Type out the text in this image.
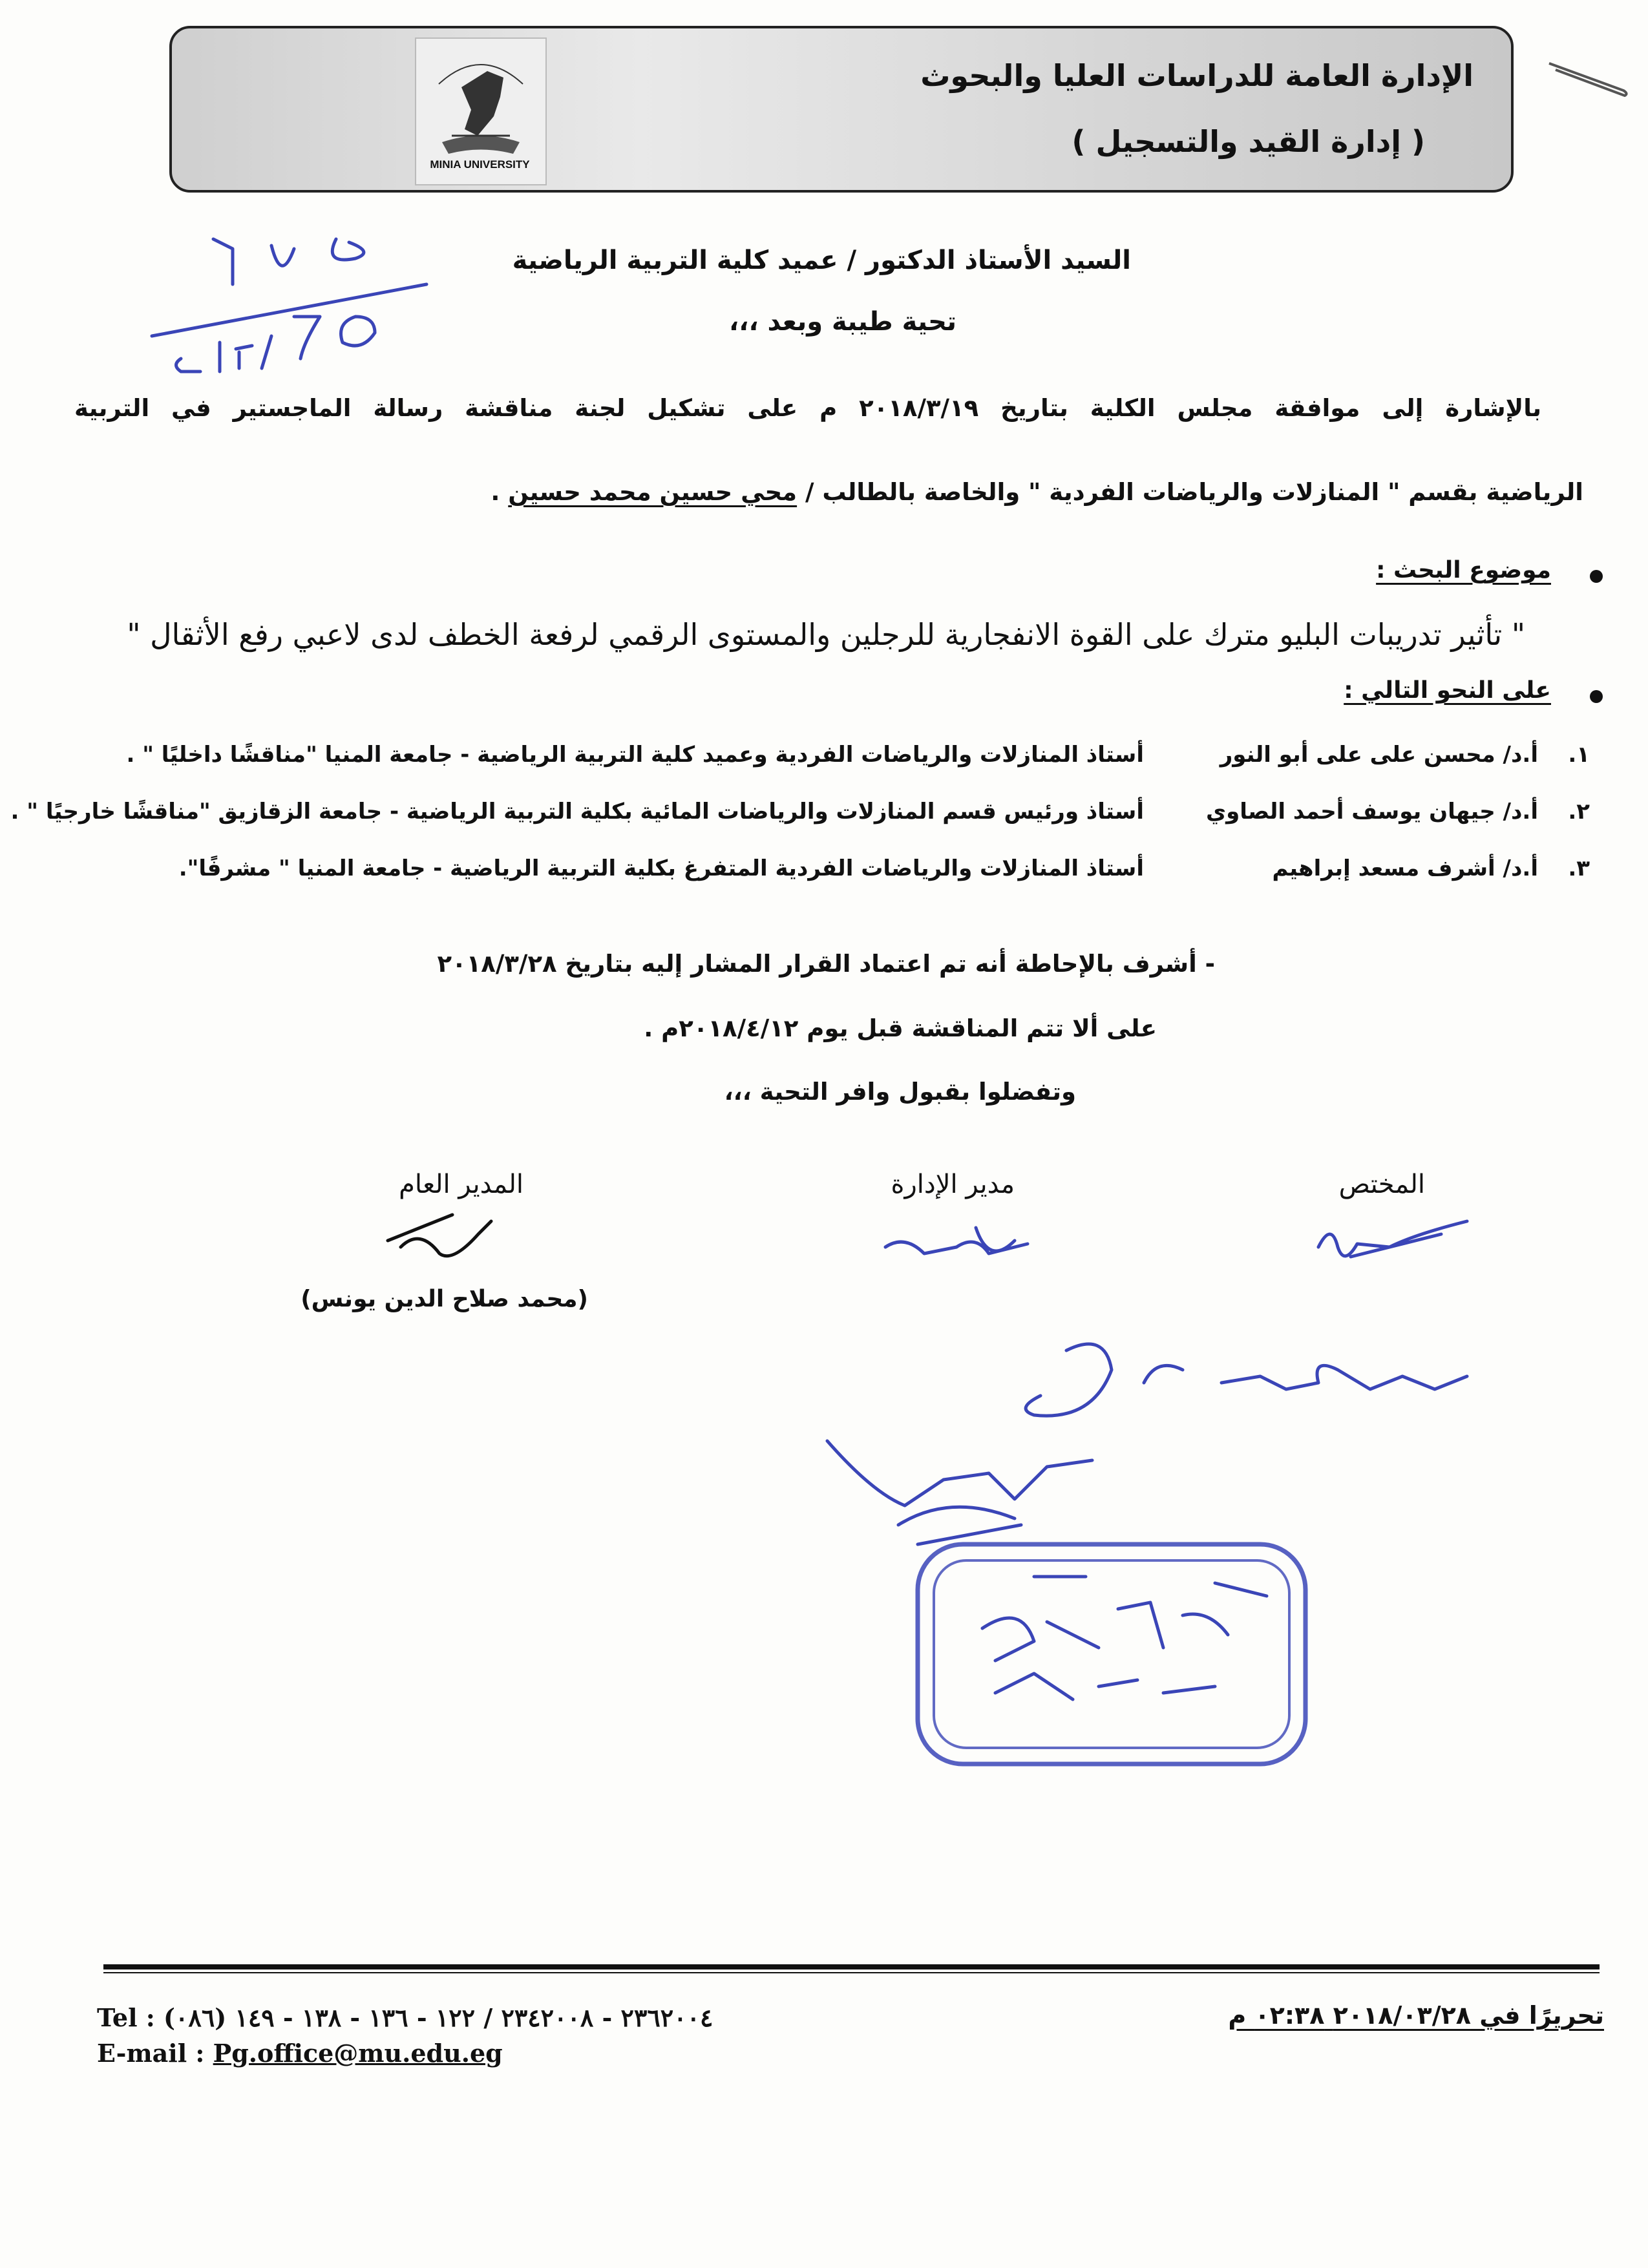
الإدارة العامة للدراسات العليا والبحوث
( إدارة القيد والتسجيل )
MINIA UNIVERSITY
السيد الأستاذ الدكتور / عميد كلية التربية الرياضية
تحية طيبة وبعد ،،،
بالإشارة إلى موافقة مجلس الكلية بتاريخ ٢٠١٨/٣/١٩ م على تشكيل لجنة مناقشة رسالة الماجستير في التربية
الرياضية بقسم " المنازلات والرياضات الفردية " والخاصة بالطالب / محي حسين محمد حسين .
موضوع البحث :
" تأثير تدريبات البليو مترك على القوة الانفجارية للرجلين والمستوى الرقمي لرفعة الخطف لدى لاعبي رفع الأثقال "
على النحو التالي :
١.
أ.د/ محسن على على أبو النور
أستاذ المنازلات والرياضات الفردية وعميد كلية التربية الرياضية - جامعة المنيا "مناقشًا داخليًا " .
٢.
أ.د/ جيهان يوسف أحمد الصاوي
أستاذ ورئيس قسم المنازلات والرياضات المائية بكلية التربية الرياضية - جامعة الزقازيق "مناقشًا خارجيًا " .
٣.
أ.د/ أشرف مسعد إبراهيم
أستاذ المنازلات والرياضات الفردية المتفرغ بكلية التربية الرياضية - جامعة المنيا " مشرفًا".
- أشرف بالإحاطة أنه تم اعتماد القرار المشار إليه بتاريخ ٢٠١٨/٣/٢٨
على ألا تتم المناقشة قبل يوم ٢٠١٨/٤/١٢م .
وتفضلوا بقبول وافر التحية ،،،
المختص
مدير الإدارة
المدير العام
(محمد صلاح الدين يونس)
Tel : (٠٨٦) ٢٣٦٢٠٠٤ - ٢٣٤٢٠٠٨ / ١٢٢ - ١٣٦ - ١٣٨ - ١٤٩
E-mail : Pg.office@mu.edu.eg
تحريرًا في ٢٠١٨/٠٣/٢٨ ٠٢:٣٨ م
